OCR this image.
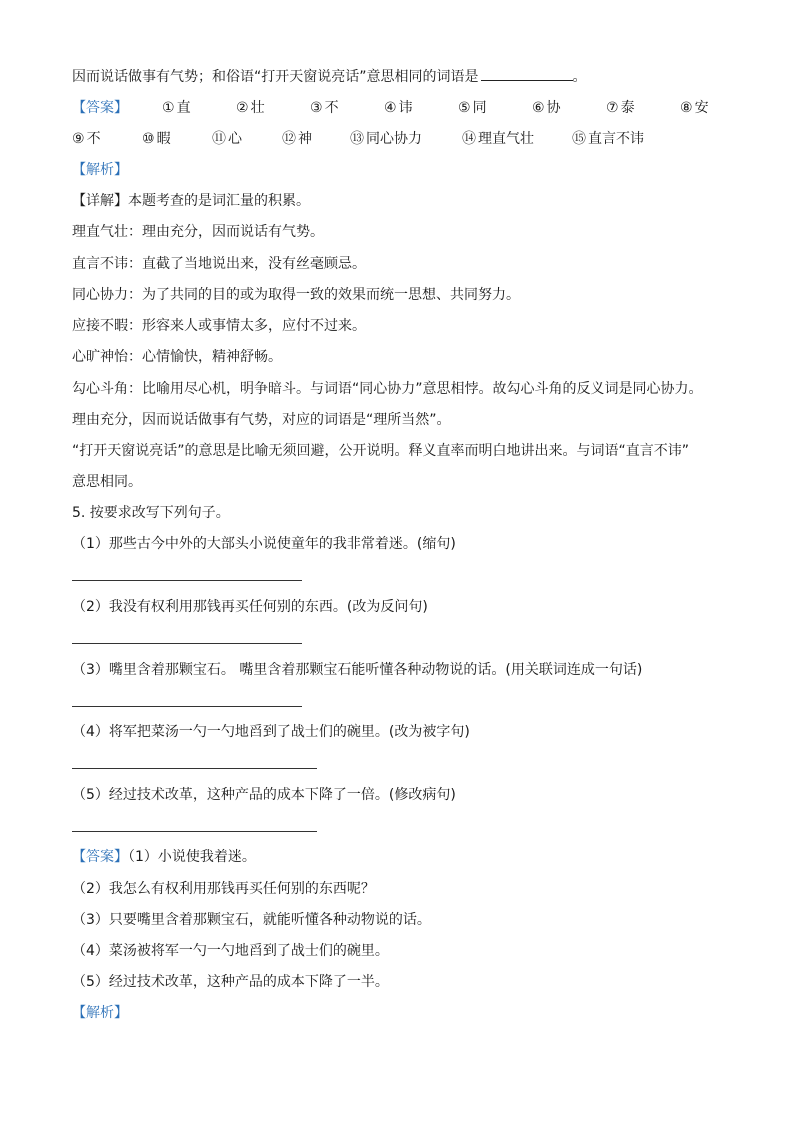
因而说话做事有气势；和俗语“打开天窗说亮话”意思相同的词语是	。
【答案】 ① 直	② 壮	③ 不	④ 讳	⑤ 同	⑥ 协	⑦ 泰	⑧ 安
⑨ 不	⑩ 暇	⑪ 心	⑫ 神	⑬ 同心协力	⑭ 理直气壮	⑮ 直言不讳
【解析】
【详解】本题考查的是词汇量的积累。
理直气壮：理由充分，因而说话有气势。
直言不讳：直截了当地说出来，没有丝毫顾忌。
同心协力：为了共同的目的或为取得一致的效果而统一思想、共同努力。
应接不暇：形容来人或事情太多，应付不过来。
心旷神怡：心情愉快，精神舒畅。
勾心斗角：比喻用尽心机，明争暗斗。与词语“同心协力”意思相悖。故勾心斗角的反义词是同心协力。
理由充分，因而说话做事有气势，对应的词语是“理所当然”。
“打开天窗说亮话”的意思是比喻无须回避，公开说明。释义直率而明白地讲出来。与词语“直言不讳”
意思相同。
5. 按要求改写下列句子。
（1）那些古今中外的大部头小说使童年的我非常着迷。(缩句)
（2）我没有权利用那钱再买任何别的东西。(改为反问句)
（3）嘴里含着那颗宝石。 嘴里含着那颗宝石能听懂各种动物说的话。(用关联词连成一句话)
（4）将军把菜汤一勺一勺地舀到了战士们的碗里。(改为被字句)
（5）经过技术改革，这种产品的成本下降了一倍。(修改病句)
【答案】（1）小说使我着迷。
（2）我怎么有权利用那钱再买任何别的东西呢？
（3）只要嘴里含着那颗宝石，就能听懂各种动物说的话。
（4）菜汤被将军一勺一勺地舀到了战士们的碗里。
（5）经过技术改革，这种产品的成本下降了一半。
【解析】
